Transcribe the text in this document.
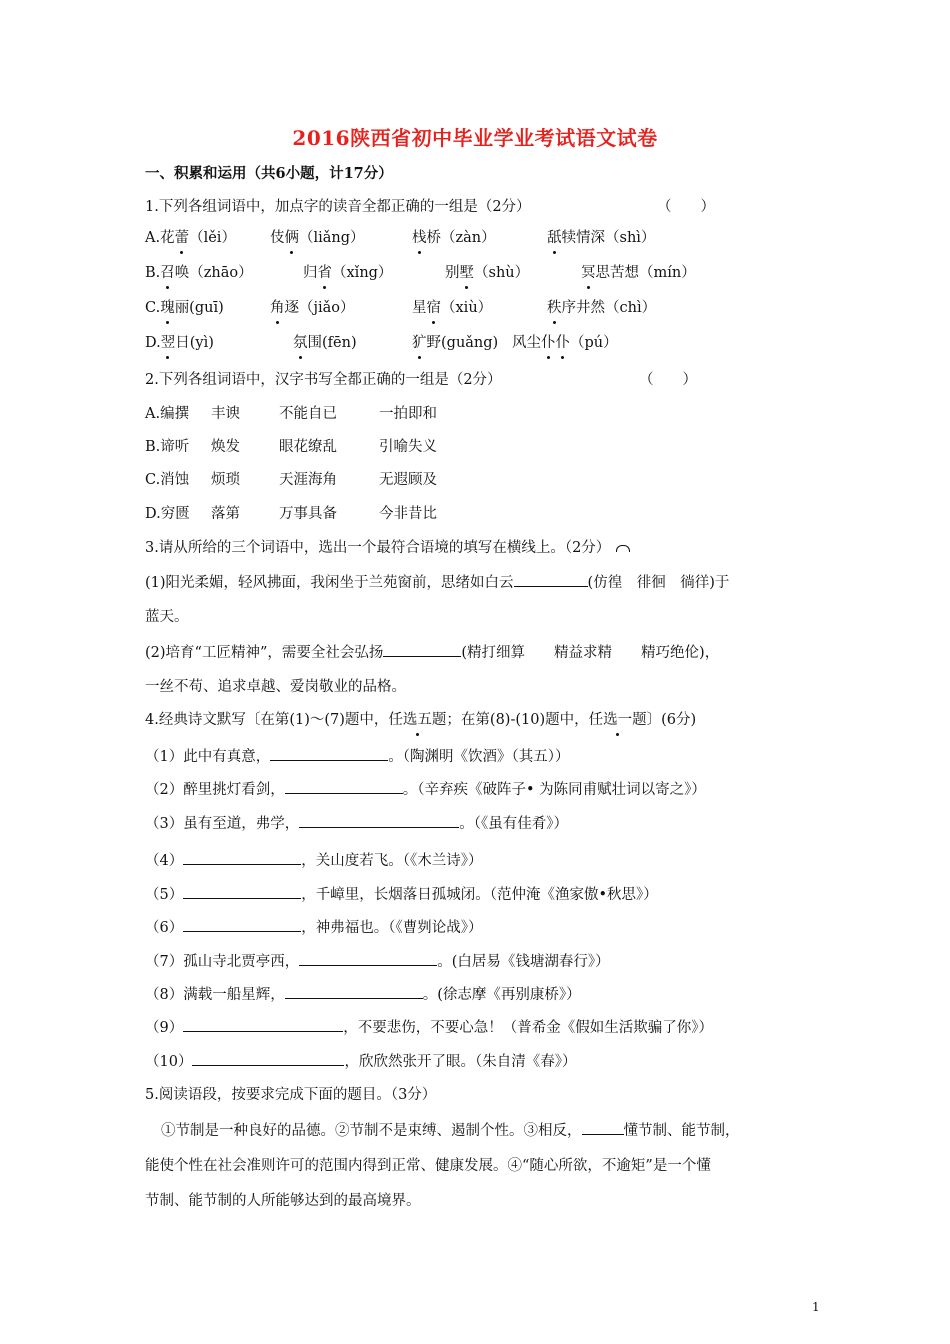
2016陕西省初中毕业学业考试语文试卷
一、积累和运用（共6小题，计17分）
1.下列各组词语中，加点字的读音全都正确的一组是（2分）	（　　）
A.花蕾（lěi） 伎俩（liǎng）	栈桥（zàn）	舐犊情深（shì）
B.召唤（zhāo）	归省（xǐng）	别墅（shù）	冥思苦想（mín）
C.瑰丽(guī)	角逐（jiǎo）	星宿（xiù）	秩序井然（chì）
D.翌日(yì)	氛围(fēn)	犷野(guǎng) 风尘仆仆（pú）
2.下列各组词语中，汉字书写全都正确的一组是（2分）	（　　）
A.编撰 丰谀	不能自已	一拍即和
B.谛听 焕发	眼花缭乱	引喻失义
C.消蚀 烦琐	天涯海角	无遐顾及
D.穷匮 落第	万事具备	今非昔比
3.请从所给的三个词语中，选出一个最符合语境的填写在横线上。（2分）
(1)阳光柔媚，轻风拂面，我闲坐于兰苑窗前，思绪如白云	(仿徨　徘徊　徜徉)于
蓝天。
(2)培育“工匠精神”，需要全社会弘扬	(精打细算　　精益求精　　精巧绝伦)，
一丝不苟、追求卓越、爱岗敬业的品格。
4.经典诗文默写〔在第(1)～(7)题中，任选五题；在第(8)-(10)题中，任选一题〕(6分)
（1）此中有真意，	。（陶渊明《饮酒》（其五））
（2）醉里挑灯看剑，	。（辛弃疾《破阵子• 为陈同甫赋壮词以寄之》）
（3）虽有至道，弗学，	。（《虽有佳肴》）
（4）	，关山度若飞。（《木兰诗》）
（5）	，千嶂里，长烟落日孤城闭。（范仲淹《渔家傲•秋思》）
（6）	，神弗福也。（《曹刿论战》）
（7）孤山寺北贾亭西，	。(白居易《钱塘湖春行》）
（8）满载一船星辉，	。(徐志摩《再别康桥》）
（9）	，不要悲伤，不要心急！（普希金《假如生活欺骗了你》）
（10）	，欣欣然张开了眼。（朱自清《春》）
5.阅读语段，按要求完成下面的题目。（3分）
①节制是一种良好的品德。②节制不是束缚、遏制个性。③相反，	懂节制、能节制，
能使个性在社会准则许可的范围内得到正常、健康发展。④“随心所欲，不逾矩”是一个懂
节制、能节制的人所能够达到的最高境界。
1
